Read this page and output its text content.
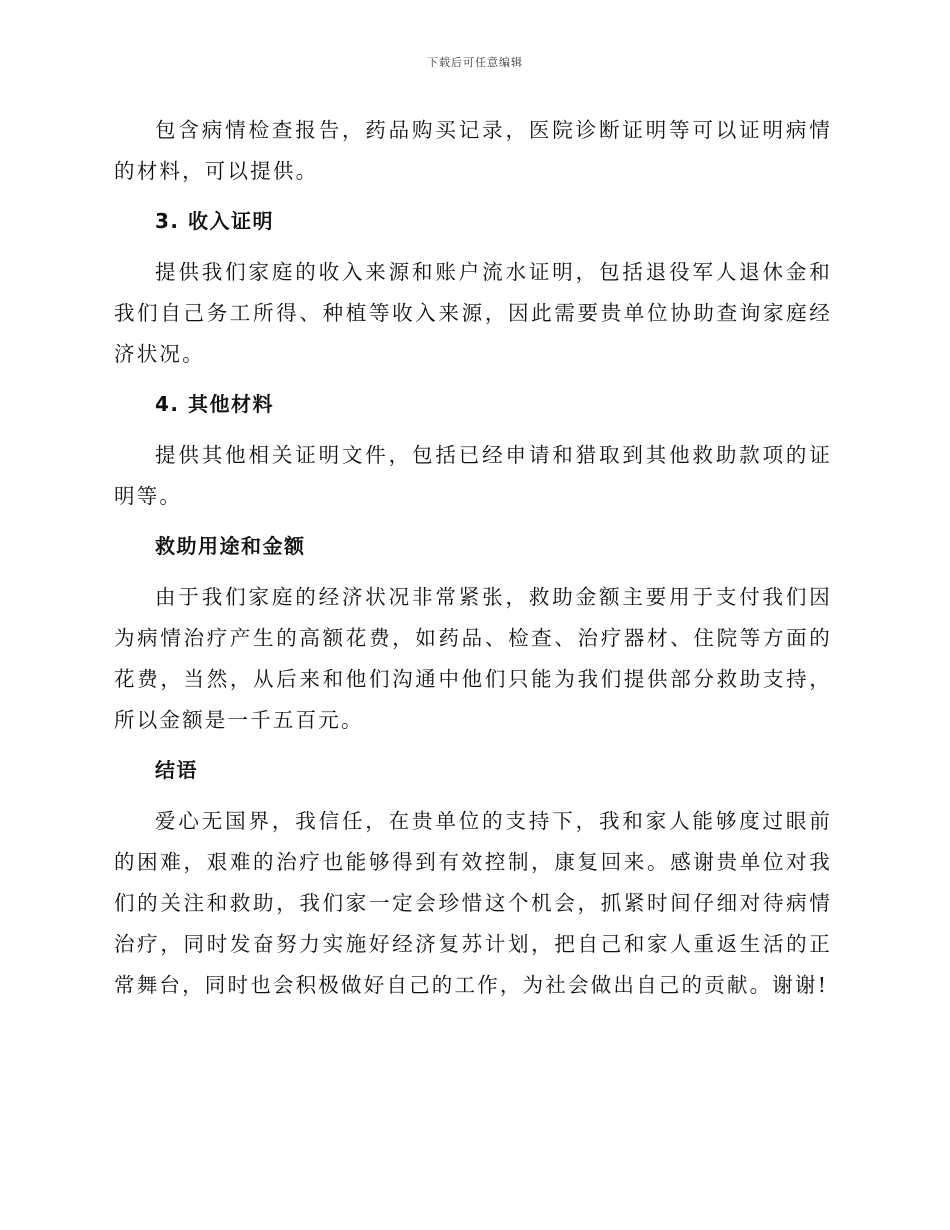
下载后可任意编辑

包含病情检查报告，药品购买记录，医院诊断证明等可以证明病情的材料，可以提供。

3. 收入证明

提供我们家庭的收入来源和账户流水证明，包括退役军人退休金和我们自己务工所得、种植等收入来源，因此需要贵单位协助查询家庭经济状况。

4. 其他材料

提供其他相关证明文件，包括已经申请和猎取到其他救助款项的证明等。

救助用途和金额

由于我们家庭的经济状况非常紧张，救助金额主要用于支付我们因为病情治疗产生的高额花费，如药品、检查、治疗器材、住院等方面的花费，当然，从后来和他们沟通中他们只能为我们提供部分救助支持，所以金额是一千五百元。

结语

爱心无国界，我信任，在贵单位的支持下，我和家人能够度过眼前的困难，艰难的治疗也能够得到有效控制，康复回来。感谢贵单位对我们的关注和救助，我们家一定会珍惜这个机会，抓紧时间仔细对待病情治疗，同时发奋努力实施好经济复苏计划，把自己和家人重返生活的正常舞台，同时也会积极做好自己的工作，为社会做出自己的贡献。谢谢!
